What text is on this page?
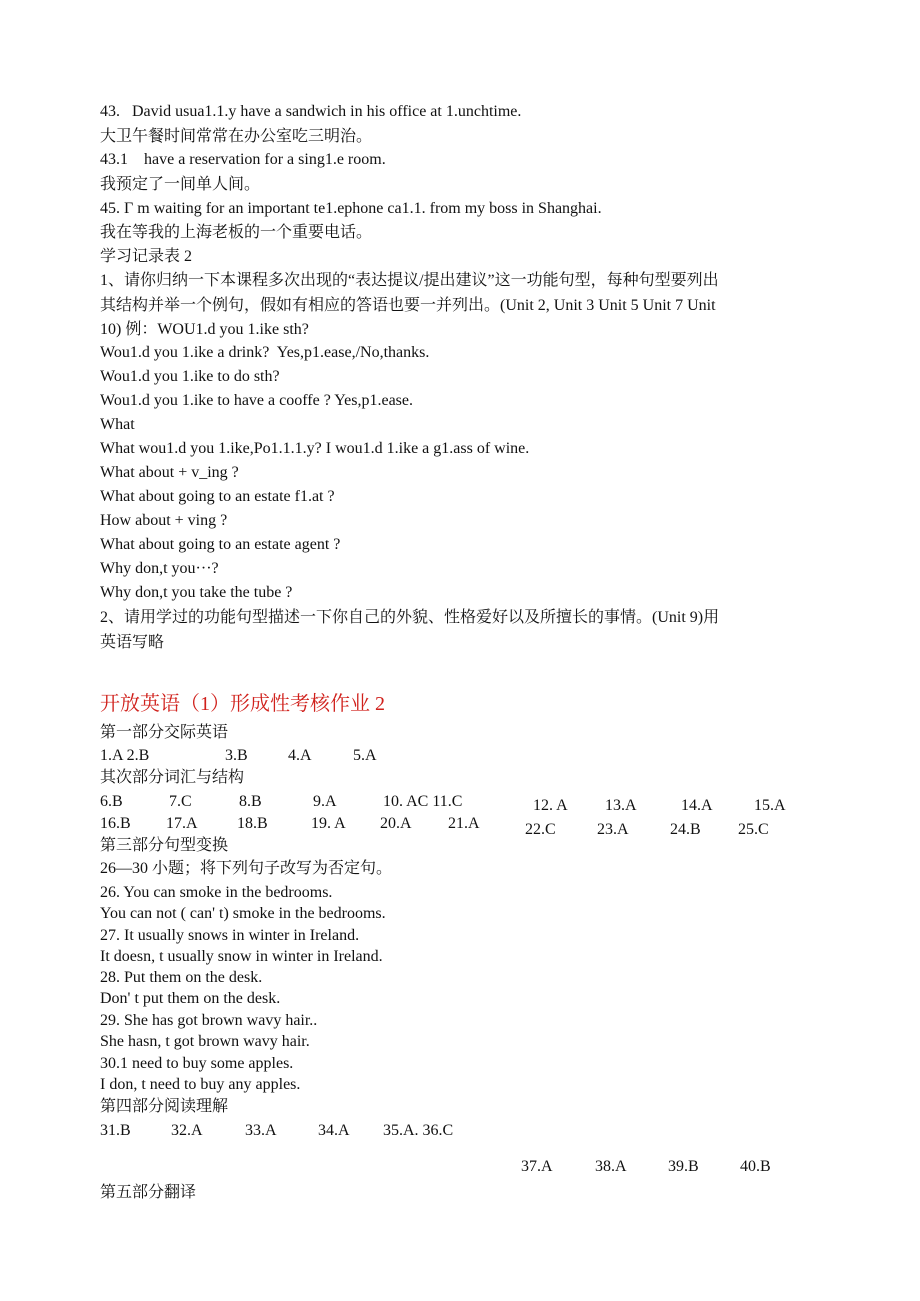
43.   David usua1.1.y have a sandwich in his office at 1.unchtime.
大卫午餐时间常常在办公室吃三明治。
43.1    have a reservation for a sing1.e room.
我预定了一间单人间。
45. Γ m waiting for an important te1.ephone ca1.1. from my boss in Shanghai.
我在等我的上海老板的一个重要电话。
学习记录表 2
1、请你归纳一下本课程多次出现的“表达提议/提出建议”这一功能句型，每种句型要列出
其结构并举一个例句，假如有相应的答语也要一并列出。(Unit 2, Unit 3 Unit 5 Unit 7 Unit
10) 例：WOU1.d you 1.ike sth?
Wou1.d you 1.ike a drink?  Yes,p1.ease,/No,thanks.
Wou1.d you 1.ike to do sth?
Wou1.d you 1.ike to have a cooffe ? Yes,p1.ease.
What
What wou1.d you 1.ike,Po1.1.1.y? I wou1.d 1.ike a g1.ass of wine.
What about + v_ing ?
What about going to an estate f1.at ?
How about + ving ?
What about going to an estate agent ?
Why don,t you···?
Why don,t you take the tube ?
2、请用学过的功能句型描述一下你自己的外貌、性格爱好以及所擅长的事情。(Unit 9)用
英语写略
开放英语（1）形成性考核作业 2
第一部分交际英语
1.A 2.B	3.B	4.A	5.A
其次部分词汇与结构
6.B	7.C	8.B	9.A	10. AC 11.C
16.B 17.A 18.B	19. A 20.A 21.A
12. A 13.A	14.A	15.A
22.C	23.A	24.B 25.C
第三部分句型变换
26—30 小题；将下列句子改写为否定句。
26. You can smoke in the bedrooms.
You can not ( can' t) smoke in the bedrooms.
27. It usually snows in winter in Ireland.
It doesn, t usually snow in winter in Ireland.
28. Put them on the desk.
Don' t put them on the desk.
29. She has got brown wavy hair..
She hasn, t got brown wavy hair.
30.1 need to buy some apples.
I don, t need to buy any apples.
第四部分阅读理解
31.B	32.A	33.A	34.A 35.A. 36.C
37.A	38.A	39.B	40.B
第五部分翻译
